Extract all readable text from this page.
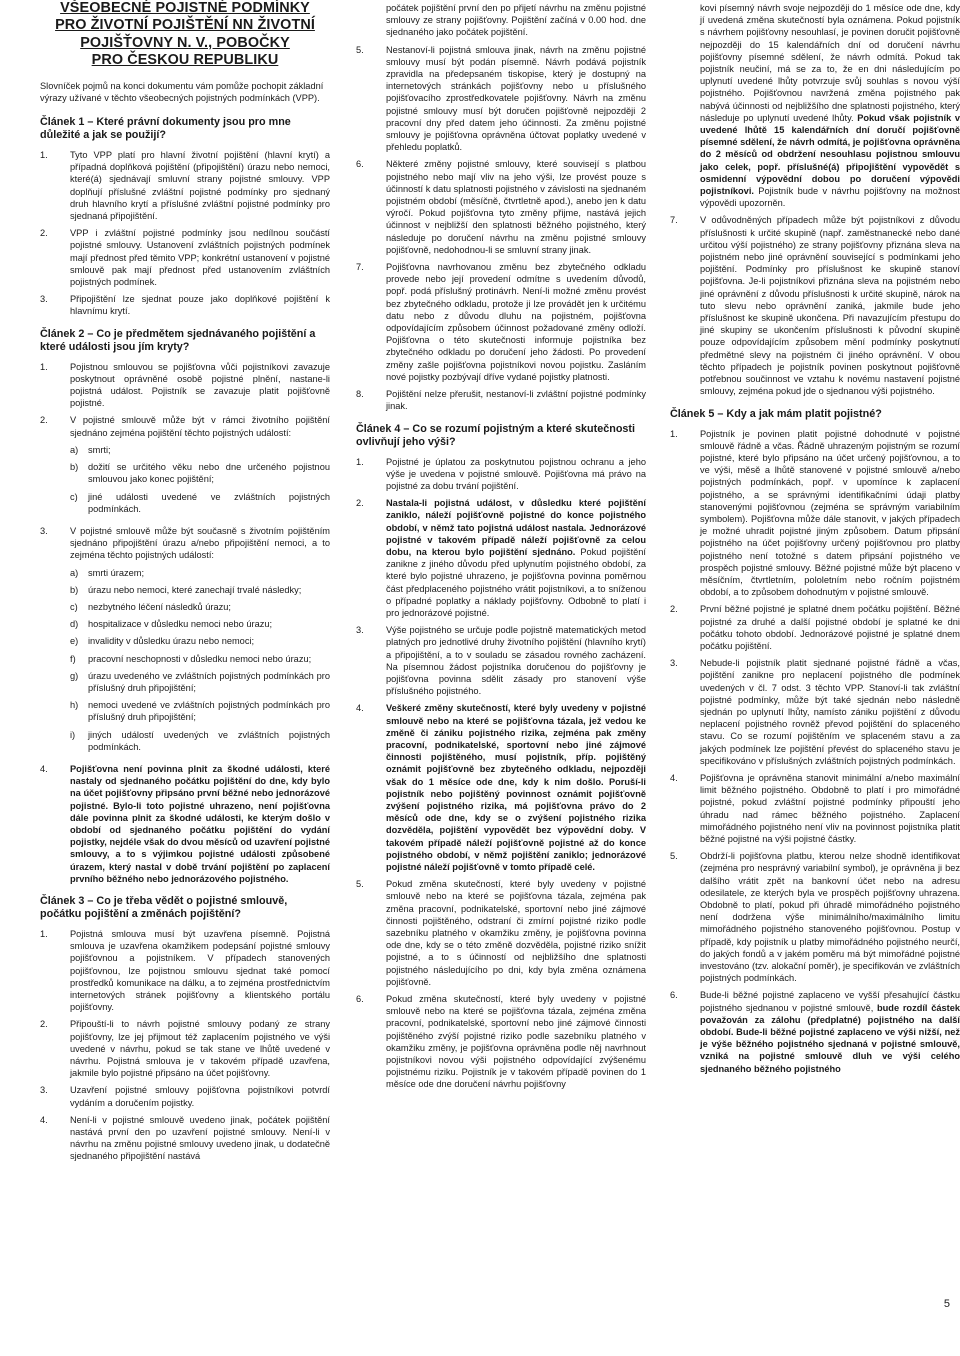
5
VŠEOBECNÉ POJISTNÉ PODMÍNKY
PRO ŽIVOTNÍ POJIŠTĚNÍ NN ŽIVOTNÍ
POJIŠŤOVNY N. V., POBOČKY
PRO ČESKOU REPUBLIKU

Slovníček pojmů na konci dokumentu vám pomůže pochopit základní výrazy užívané v těchto všeobecných pojistných podmínkách (VPP).

Článek 1 – Které právní dokumenty jsou pro mne důležité a jak se použijí?
1.	Tyto VPP platí pro hlavní životní pojištění (hlavní krytí) a případná doplňková pojištění (připojištění) úrazu nebo nemoci, které(á) sjednávají smluvní strany pojistné smlouvy. VPP doplňují příslušné zvláštní pojistné podmínky pro sjednaný druh hlavního krytí a příslušné zvláštní pojistné podmínky pro sjednaná připojištění.
2.	VPP i zvláštní pojistné podmínky jsou nedílnou součástí pojistné smlouvy. Ustanovení zvláštních pojistných podmínek mají přednost před těmito VPP; konkrétní ustanovení v pojistné smlouvě pak mají přednost před ustanovením zvláštních pojistných podmínek.
3.	Připojištění lze sjednat pouze jako doplňkové pojištění k hlavnímu krytí.
Článek 2 – Co je předmětem sjednávaného pojištění a které události jsou jím kryty?
1.	Pojistnou smlouvou se pojišťovna vůči pojistníkovi zavazuje poskytnout oprávněné osobě pojistné plnění, nastane-li pojistná událost. Pojistník se zavazuje platit pojišťovně pojistné.
2.	V pojistné smlouvě může být v rámci životního pojištění sjednáno zejména pojištění těchto pojistných událostí:
a)	smrti;
b)	dožití se určitého věku nebo dne určeného pojistnou smlouvou jako konec pojištění;
c)	jiné události uvedené ve zvláštních pojistných podmínkách.
3.	V pojistné smlouvě může být současně s životním pojištěním sjednáno připojištění úrazu a/nebo připojištění nemoci, a to zejména těchto pojistných událostí:
a)	smrti úrazem;
b)	úrazu nebo nemoci, které zanechají trvalé následky;
c)	nezbytného léčení následků úrazu;
d)	hospitalizace v důsledku nemoci nebo úrazu;
e)	invalidity v důsledku úrazu nebo nemoci;
f)	pracovní neschopnosti v důsledku nemoci nebo úrazu;
g)	úrazu uvedeného ve zvláštních pojistných podmínkách pro příslušný druh připojištění;
h)	nemoci uvedené ve zvláštních pojistných podmínkách pro příslušný druh připojištění;
i)	jiných událostí uvedených ve zvláštních pojistných podmínkách.
4.	Pojišťovna není povinna plnit za škodné události, které nastaly od sjednaného počátku pojištění do dne, kdy bylo na účet pojišťovny připsáno první běžné nebo jednorázové pojistné. Bylo-li toto pojistné uhrazeno, není pojišťovna dále povinna plnit za škodné události, ke kterým došlo v období od sjednaného počátku pojištění do vydání pojistky, nejdéle však do dvou měsíců od uzavření pojistné smlouvy, a to s výjimkou pojistné události způsobené úrazem, který nastal v době trvání pojištění po zaplacení prvního běžného nebo jednorázového pojistného.
Článek 3 – Co je třeba vědět o pojistné smlouvě, počátku pojištění a změnách pojištění?
1.	Pojistná smlouva musí být uzavřena písemně. Pojistná smlouva je uzavřena okamžikem podepsání pojistné smlouvy pojišťovnou a pojistníkem. V případech stanovených pojišťovnou, lze pojistnou smlouvu sjednat také pomocí prostředků komunikace na dálku, a to zejména prostřednictvím internetových stránek pojišťovny a klientského portálu pojišťovny.
2.	Připouští-li to návrh pojistné smlouvy podaný ze strany pojišťovny, lze jej přijmout též zaplacením pojistného ve výši uvedené v návrhu, pokud se tak stane ve lhůtě uvedené v návrhu. Pojistná smlouva je v takovém případě uzavřena, jakmile bylo pojistné připsáno na účet pojišťovny.
3.	Uzavření pojistné smlouvy pojišťovna pojistníkovi potvrdí vydáním a doručením pojistky.
4.	Není-li v pojistné smlouvě uvedeno jinak, počátek pojištění nastává první den po uzavření pojistné smlouvy. Není-li v návrhu na změnu pojistné smlouvy uvedeno jinak, u dodatečně sjednaného připojištění nastává
počátek pojištění první den po přijetí návrhu na změnu pojistné smlouvy ze strany pojišťovny. Pojištění začíná v 0.00 hod. dne sjednaného jako počátek pojištění.
5.	Nestanoví-li pojistná smlouva jinak, návrh na změnu pojistné smlouvy musí být podán písemně. Návrh podává pojistník zpravidla na předepsaném tiskopise, který je dostupný na internetových stránkách pojišťovny nebo u příslušného pojišťovacího zprostředkovatele pojišťovny. Návrh na změnu pojistné smlouvy musí být doručen pojišťovně nejpozději 2 pracovní dny před datem jeho účinnosti. Za změnu pojistné smlouvy je pojišťovna oprávněna účtovat poplatky uvedené v přehledu poplatků.
6.	Některé změny pojistné smlouvy, které souvisejí s platbou pojistného nebo mají vliv na jeho výši, lze provést pouze s účinností k datu splatnosti pojistného v závislosti na sjednaném pojistném období (měsíčně, čtvrtletně apod.), anebo jen k datu výročí. Pokud pojišťovna tyto změny přijme, nastává jejich účinnost v nejbližší den splatnosti běžného pojistného, který následuje po doručení návrhu na změnu pojistné smlouvy pojišťovně, nedohodnou-li se smluvní strany jinak.
7.	Pojišťovna navrhovanou změnu bez zbytečného odkladu provede nebo její provedení odmítne s uvedením důvodů, popř. podá příslušný protinávrh. Není-li možné změnu provést bez zbytečného odkladu, protože ji lze provádět jen k určitému datu nebo z důvodu dluhu na pojistném, pojišťovna odpovídajícím způsobem účinnost požadované změny odloží. Pojišťovna o této skutečnosti informuje pojistníka bez zbytečného odkladu po doručení jeho žádosti. Po provedení změny zašle pojišťovna pojistníkovi novou pojistku. Zasláním nové pojistky pozbývají dříve vydané pojistky platnosti.
8.	Pojištění nelze přerušit, nestanoví-li zvláštní pojistné podmínky jinak.
Článek 4 – Co se rozumí pojistným a které skutečnosti ovlivňují jeho výši?
1.	Pojistné je úplatou za poskytnutou pojistnou ochranu a jeho výše je uvedena v pojistné smlouvě. Pojišťovna má právo na pojistné za dobu trvání pojištění.
2.	Nastala-li pojistná událost, v důsledku které pojištění zaniklo, náleží pojišťovně pojistné do konce pojistného období, v němž tato pojistná událost nastala. Jednorázové pojistné v takovém případě náleží pojišťovně za celou dobu, na kterou bylo pojištění sjednáno. Pokud pojištění zanikne z jiného důvodu před uplynutím pojistného období, za které bylo pojistné uhrazeno, je pojišťovna povinna poměrnou část předplaceného pojistného vrátit pojistníkovi, a to sníženou o případné poplatky a náklady pojišťovny. Odbobně to platí i pro jednorázové pojistné.
3.	Výše pojistného se určuje podle pojistně matematických metod platných pro jednotlivé druhy životního pojištění (hlavního krytí) a připojištění, a to v souladu se zásadou rovného zacházení. Na písemnou žádost pojistníka doručenou do pojišťovny je pojišťovna povinna sdělit zásady pro stanovení výše příslušného pojistného.
4.	Veškeré změny skutečností, které byly uvedeny v pojistné smlouvě nebo na které se pojišťovna tázala, jež vedou ke změně či zániku pojistného rizika, zejména pak změny pracovní, podnikatelské, sportovní nebo jiné zájmové činnosti pojištěného, musí pojistník, příp. pojištěný oznámit pojišťovně bez zbytečného odkladu, nejpozději však do 1 měsíce ode dne, kdy k nim došlo. Poruší-li pojistník nebo pojištěný povinnost oznámit pojišťovně zvýšení pojistného rizika, má pojišťovna právo do 2 měsíců ode dne, kdy se o zvýšení pojistného rizika dozvěděla, pojištění vypovědět bez výpovědní doby. V takovém případě náleží pojišťovně pojistné až do konce pojistného období, v němž pojištění zaniklo; jednorázové pojistné náleží pojišťovně v tomto případě celé.
5.	Pokud změna skutečností, které byly uvedeny v pojistné smlouvě nebo na které se pojišťovna tázala, zejména pak změna pracovní, podnikatelské, sportovní nebo jiné zájmové činnosti pojištěného, odstraní či zmírní pojistné riziko podle sazebníku platného v okamžiku změny, je pojišťovna povinna ode dne, kdy se o této změně dozvěděla, pojistné riziko snížit pojistné, a to s účinností od nejbližšího dne splatnosti pojistného následujícího po dni, kdy byla změna oznámena pojišťovně.
6.	Pokud změna skutečností, které byly uvedeny v pojistné smlouvě nebo na které se pojišťovna tázala, zejména změna pracovní, podnikatelské, sportovní nebo jiné zájmové činnosti pojištěného zvýší pojistné riziko podle sazebníku platného v okamžiku změny, je pojišťovna oprávněna podle něj navrhnout pojistníkovi novou výši pojistného odpovídající zvýšenému pojistnému riziku. Pojistník je v takovém případě povinen do 1 měsíce ode dne doručení návrhu pojišťovny
kovi písemný návrh svoje nejpozději do 1 měsíce ode dne, kdy jí uvedená změna skutečností byla oznámena. Pokud pojistník s návrhem pojišťovny nesouhlasí, je povinen doručit pojišťovně nejpozději do 15 kalendářních dní od doručení návrhu pojišťovny písemné sdělení, že návrh odmítá. Pokud tak pojistník neučiní, má se za to, že en dni následujícím po uplynutí uvedené lhůty potvrzuje svůj souhlas s novou výší pojistného. Pojišťovnou navržená změna pojistného pak nabývá účinnosti od nejbližšího dne splatnosti pojistného, který následuje po uplynutí uvedené lhůty. Pokud však pojistník v uvedené lhůtě 15 kalendářních dní doručí pojišťovně písemné sdělení, že návrh odmítá, je pojišťovna oprávněna do 2 měsíců od obdržení nesouhlasu pojistnou smlouvu jako celek, popř. příslušné(á) připojištění vypovědět s osmidenní výpovědní dobou po doručení výpovědi pojistníkovi. Pojistník bude v návrhu pojišťovny na možnost výpovědi upozorněn.
7.	V odůvodněných případech může být pojistníkovi z důvodu příslušnosti k určité skupině (např. zaměstnanecké nebo dané určitou výší pojistného) ze strany pojišťovny přiznána sleva na pojistném nebo jiné oprávnění související s podmínkami jeho pojištění. Podmínky pro příslušnost ke skupině stanoví pojišťovna. Je-li pojistníkovi přiznána sleva na pojistném nebo jiné oprávnění z důvodu příslušnosti k určité skupině, nárok na tuto slevu nebo oprávnění zaniká, jakmile bude jeho příslušnost ke skupině ukončena. Při navazujícím přestupu do jiné skupiny se ukončením příslušnosti k původní skupině pouze odpovídajícím způsobem mění podmínky poskytnutí předmětné slevy na pojistném či jiného oprávnění. V obou těchto případech je pojistník povinen poskytnout pojišťovně potřebnou součinnost ve vztahu k novému nastavení pojistné smlouvy, zejména pokud jde o sjednanou výši pojistného.
Článek 5 – Kdy a jak mám platit pojistné?
1.	Pojistník je povinen platit pojistné dohodnuté v pojistné smlouvě řádně a včas. Řádně uhrazeným pojistným se rozumí pojistné, které bylo připsáno na účet určený pojišťovnou, a to ve výši, měsě a lhůtě stanovené v pojistné smlouvě a/nebo pojistných podmínkách, popř. v upomínce k zaplacení pojistného, a se správnými identifikačními údaji platby stanovenými pojišťovnou (zejména se správným variabilním symbolem). Pojišťovna může dále stanovit, v jakých případech je možné uhradit pojistné jiným způsobem. Datum připsání pojistného na účet pojišťovny určený pojišťovnou pro platby pojistného není totožné s datem připsání pojistného ve prospěch pojistné smlouvy. Běžné pojistné může být placeno v měsíčním, čtvrtletním, pololetním nebo ročním pojistném období, a to způsobem dohodnutým v pojistné smlouvě.
2.	První běžné pojistné je splatné dnem počátku pojištění. Běžné pojistné za druhé a další pojistné období je splatné ke dni počátku tohoto období. Jednorázové pojistné je splatné dnem počátku pojištění.
3.	Nebude-li pojistník platit sjednané pojistné řádně a včas, pojištění zanikne pro neplacení pojistného dle podmínek uvedených v čl. 7 odst. 3 těchto VPP. Stanoví-li tak zvláštní pojistné podmínky, může být také sjednán nebo následně sjednán po uplynutí lhůty, namísto zániku pojištění z důvodu neplacení pojistného rovněž převod pojištění do splaceného stavu. Co se rozumí pojištěním ve splaceném stavu a za jakých podmínek lze pojištění převést do splaceného stavu je specifikováno v příslušných zvláštních pojistných podmínkách.
4.	Pojišťovna je oprávněna stanovit minimální a/nebo maximální limit běžného pojistného. Obdobně to platí i pro mimořádné pojistné, pokud zvláštní pojistné podmínky připouští jeho úhradu nad rámec běžného pojistného. Zaplacení mimořádného pojistného není vliv na povinnost pojistníka platit běžné pojistné na výši pojistné částky.
5.	Obdrží-li pojišťovna platbu, kterou nelze shodně identifikovat (zejména pro nesprávný variabilní symbol), je oprávněna ji bez dalšího vrátit zpět na bankovní účet nebo na adresu odesilatele, ze kterých byla ve prospěch pojišťovny uhrazena. Obdobně to platí, pokud při úhradě mimořádného pojistného není dodržena výše minimálního/maximálního limitu mimořádného pojistného stanoveného pojišťovnou. Postup v případě, kdy pojistník u platby mimořádného pojistného neurčí, do jakých fondů a v jakém poměru má být mimořádné pojistné investováno (tzv. alokační poměr), je specifikován ve zvláštních pojistných podmínkách.
6.	Bude-li běžné pojistné zaplaceno ve vyšší přesahující částku pojistného sjednanou v pojistné smlouvě, bude rozdíl částek považován za zálohu (předplatné) pojistného na další období. Bude-li běžné pojistné zaplaceno ve výši nižší, než je výše běžného pojistného sjednaná v pojistné smlouvě, vzniká na pojistné smlouvě dluh ve výši celého sjednaného běžného pojistného
